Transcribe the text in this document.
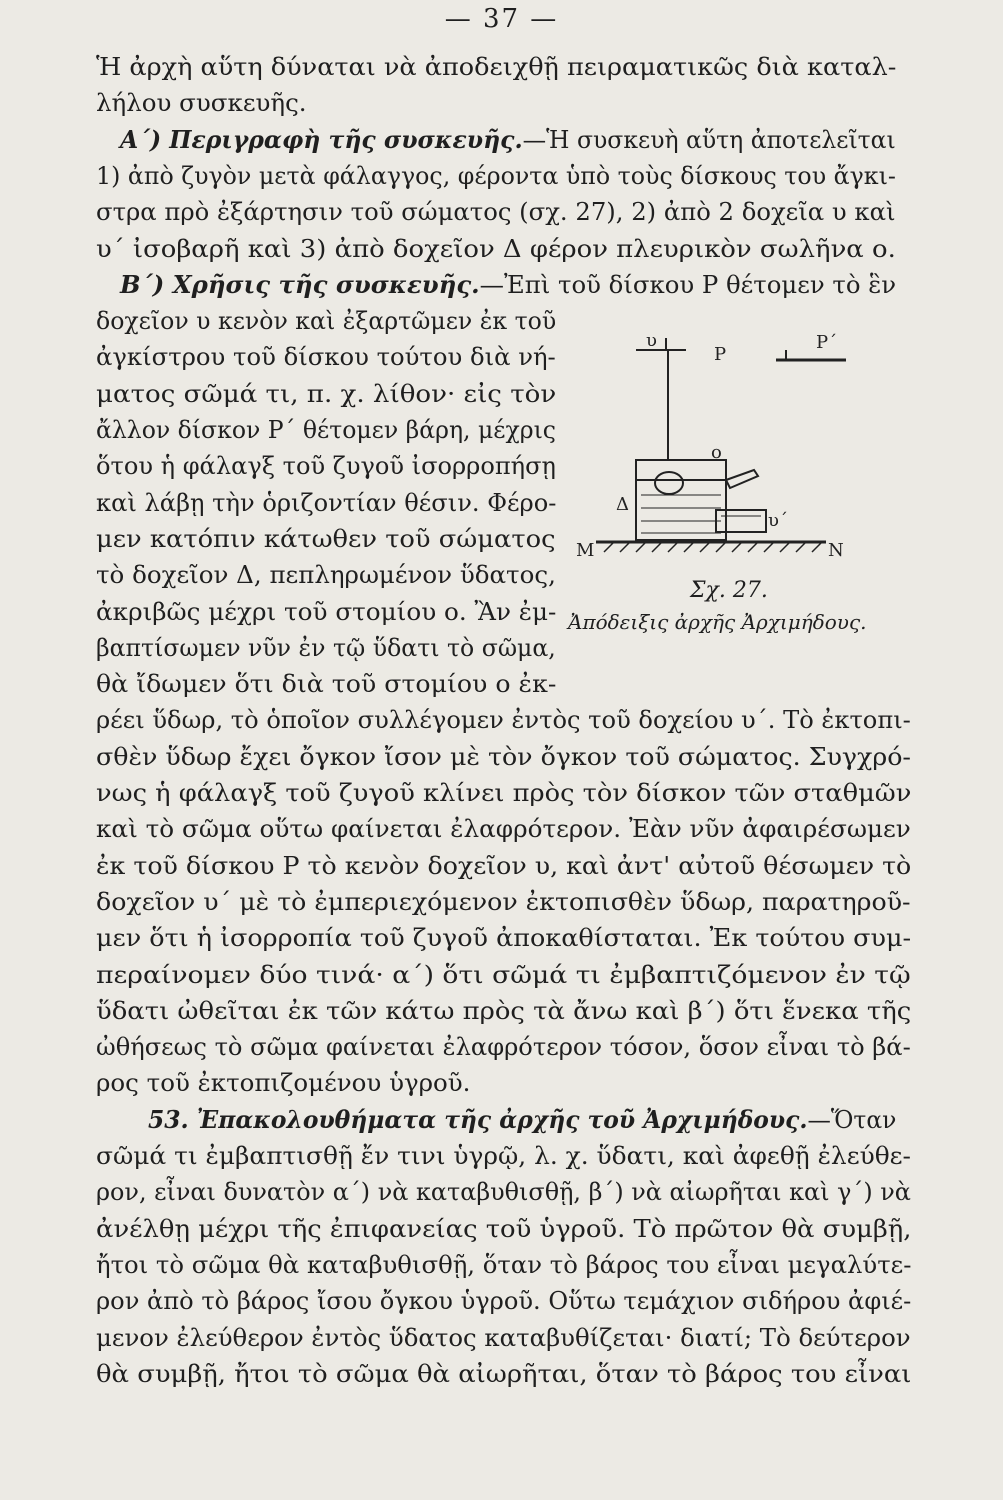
— 37 —
Ἡ ἀρχὴ αὕτη δύναται νὰ ἀποδειχθῇ πειραματικῶς διὰ καταλ-
λήλου συσκευῆς.
Α΄) Περιγραφὴ τῆς συσκευῆς.—Ἡ συσκευὴ αὕτη ἀποτελεῖται
1) ἀπὸ ζυγὸν μετὰ φάλαγγος, φέροντα ὑπὸ τοὺς δίσκους του ἄγκι-
στρα πρὸ ἐξάρτησιν τοῦ σώματος (σχ. 27), 2) ἀπὸ 2 δοχεῖα υ καὶ
υ΄ ἰσοβαρῆ καὶ 3) ἀπὸ δοχεῖον Δ φέρον πλευρικὸν σωλῆνα ο.
Β΄) Χρῆσις τῆς συσκευῆς.—Ἐπὶ τοῦ δίσκου Ρ θέτομεν τὸ ἓν
δοχεῖον υ κενὸν καὶ ἐξαρτῶμεν ἐκ τοῦ
ἀγκίστρου τοῦ δίσκου τούτου διὰ νή-
ματος σῶμά τι, π. χ. λίθον· εἰς τὸν
ἄλλον δίσκον Ρ΄ θέτομεν βάρη, μέχρις
ὅτου ἡ φάλαγξ τοῦ ζυγοῦ ἰσορροπήσῃ
καὶ λάβῃ τὴν ὁριζοντίαν θέσιν. Φέρο-
μεν κατόπιν κάτωθεν τοῦ σώματος
τὸ δοχεῖον Δ, πεπληρωμένον ὕδατος,
ἀκριβῶς μέχρι τοῦ στομίου ο. Ἂν ἐμ-
βαπτίσωμεν νῦν ἐν τῷ ὕδατι τὸ σῶμα,
θὰ ἴδωμεν ὅτι διὰ τοῦ στομίου ο ἐκ-
ρέει ὕδωρ, τὸ ὁποῖον συλλέγομεν ἐντὸς τοῦ δοχείου υ΄. Τὸ ἐκτοπι-
σθὲν ὕδωρ ἔχει ὄγκον ἴσον μὲ τὸν ὄγκον τοῦ σώματος. Συγχρό-
νως ἡ φάλαγξ τοῦ ζυγοῦ κλίνει πρὸς τὸν δίσκον τῶν σταθμῶν
καὶ τὸ σῶμα οὕτω φαίνεται ἐλαφρότερον. Ἐὰν νῦν ἀφαιρέσωμεν
ἐκ τοῦ δίσκου Ρ τὸ κενὸν δοχεῖον υ, καὶ ἀντ' αὐτοῦ θέσωμεν τὸ
δοχεῖον υ΄ μὲ τὸ ἐμπεριεχόμενον ἐκτοπισθὲν ὕδωρ, παρατηροῦ-
μεν ὅτι ἡ ἰσορροπία τοῦ ζυγοῦ ἀποκαθίσταται. Ἐκ τούτου συμ-
περαίνομεν δύο τινά· α΄) ὅτι σῶμά τι ἐμβαπτιζόμενον ἐν τῷ
ὕδατι ὠθεῖται ἐκ τῶν κάτω πρὸς τὰ ἄνω καὶ β΄) ὅτι ἕνεκα τῆς
ὠθήσεως τὸ σῶμα φαίνεται ἐλαφρότερον τόσον, ὅσον εἶναι τὸ βά-
ρος τοῦ ἐκτοπιζομένου ὑγροῦ.
53. Ἐπακολουθήματα τῆς ἀρχῆς τοῦ Ἀρχιμήδους.—Ὅταν
σῶμά τι ἐμβαπτισθῇ ἔν τινι ὑγρῷ, λ. χ. ὕδατι, καὶ ἀφεθῇ ἐλεύθε-
ρον, εἶναι δυνατὸν α΄) νὰ καταβυθισθῇ, β΄) νὰ αἰωρῆται καὶ γ΄) νὰ
ἀνέλθῃ μέχρι τῆς ἐπιφανείας τοῦ ὑγροῦ. Τὸ πρῶτον θὰ συμβῇ,
ἤτοι τὸ σῶμα θὰ καταβυθισθῇ, ὅταν τὸ βάρος του εἶναι μεγαλύτε-
ρον ἀπὸ τὸ βάρος ἴσου ὄγκου ὑγροῦ. Οὕτω τεμάχιον σιδήρου ἀφιέ-
μενον ἐλεύθερον ἐντὸς ὕδατος καταβυθίζεται· διατί; Τὸ δεύτερον
θὰ συμβῇ, ἤτοι τὸ σῶμα θὰ αἰωρῆται, ὅταν τὸ βάρος του εἶναι
υ
Ρ
Ρ΄
ο
Δ
υ΄
Μ	Ν
Σχ. 27.
Ἀπόδειξις ἀρχῆς Ἀρχιμήδους.
